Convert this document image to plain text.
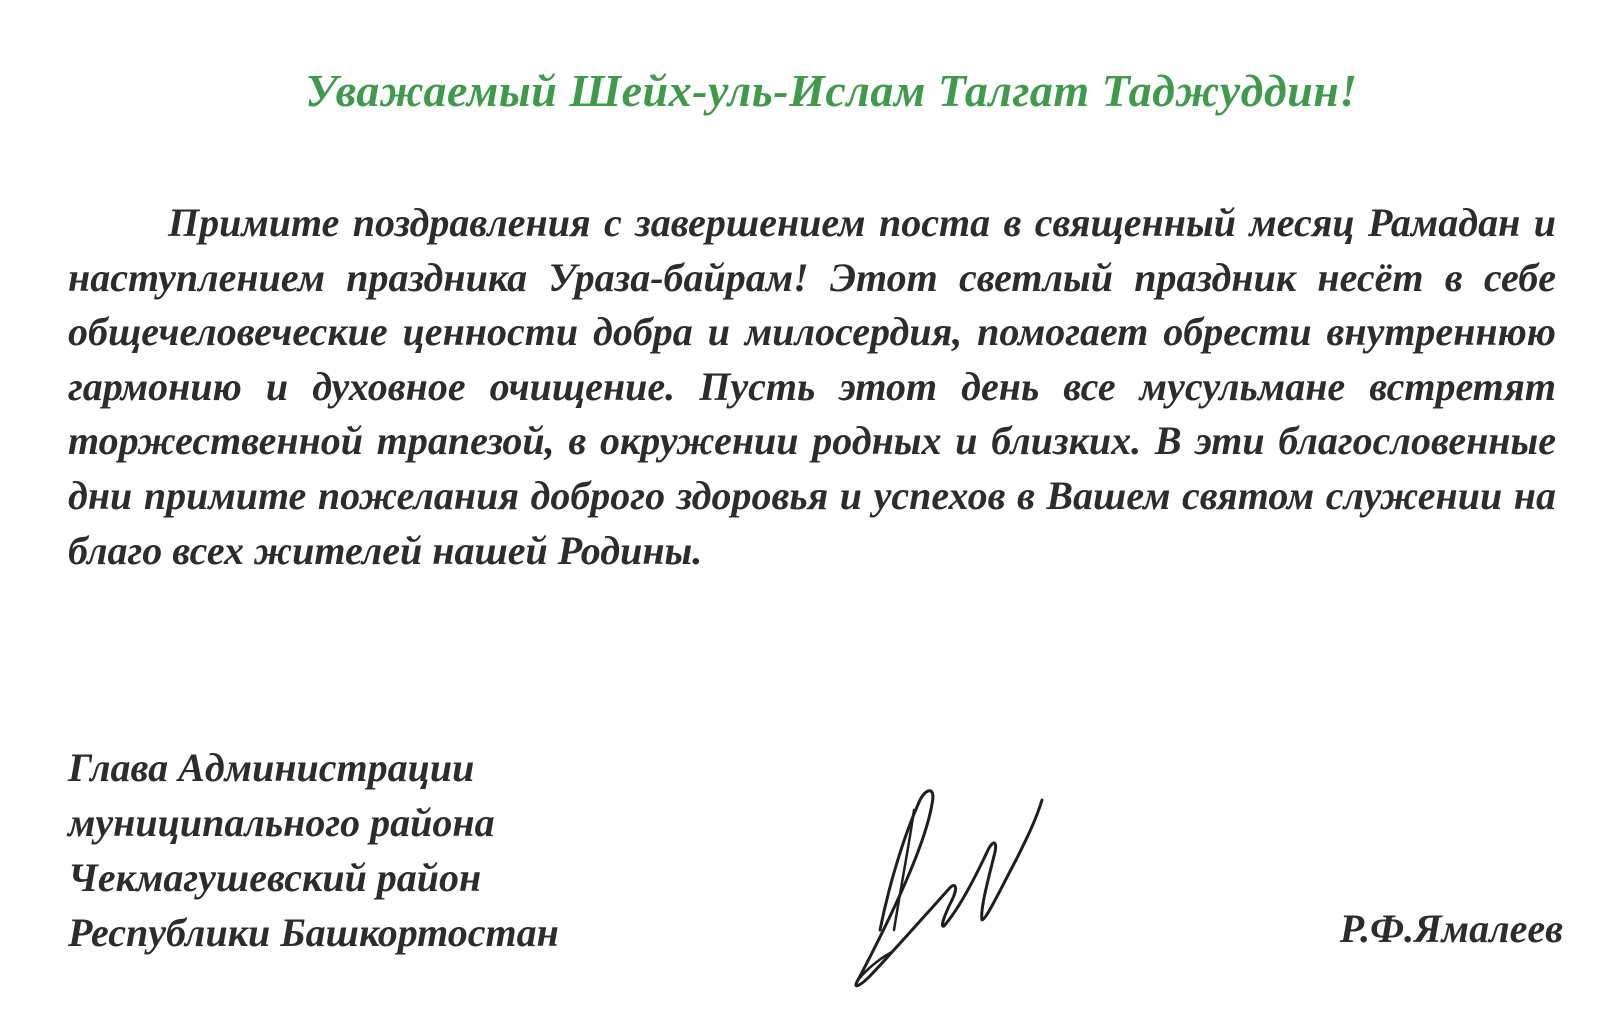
Уважаемый Шейх-уль-Ислам Талгат Таджуддин!

Примите поздравления с завершением поста в священный месяц Рамадан и наступлением праздника Ураза-байрам! Этот светлый праздник несёт в себе общечеловеческие ценности добра и милосердия, помогает обрести внутреннюю гармонию и духовное очищение. Пусть этот день все мусульмане встретят торжественной трапезой, в окружении родных и близких. В эти благословенные дни примите пожелания доброго здоровья и успехов в Вашем святом служении на благо всех жителей нашей Родины.

Глава Администрации
муниципального района
Чекмагушевский район
Республики Башкортостан	Р.Ф.Ямалеев
